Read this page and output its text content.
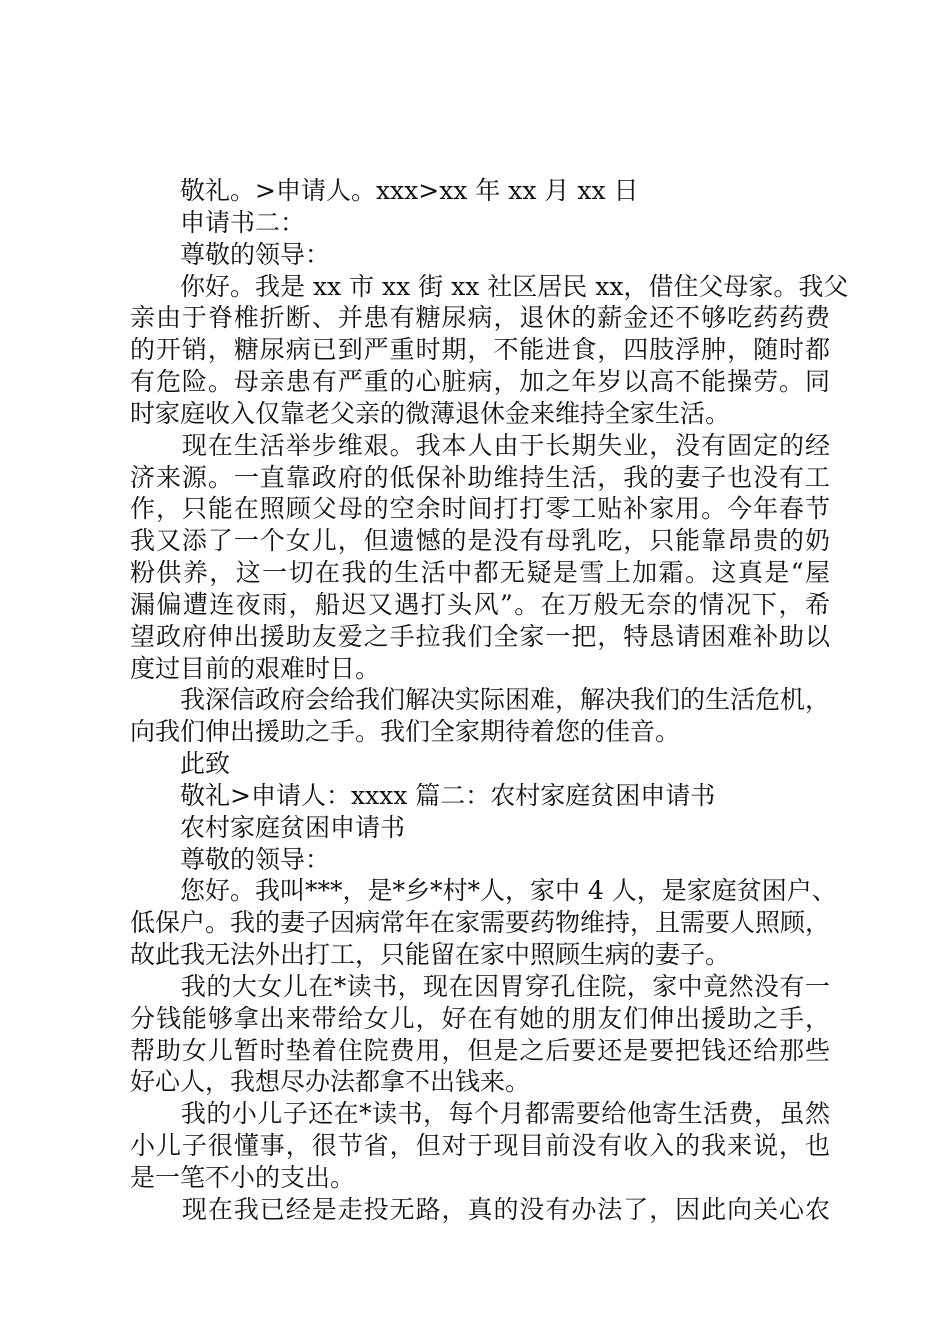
　　敬礼。>申请人。xxx>xx 年 xx 月 xx 日
　　申请书二：
　　尊敬的领导：
　　你好。我是 xx 市 xx 街 xx 社区居民 xx，借住父母家。我父
亲由于脊椎折断、并患有糖尿病，退休的薪金还不够吃药药费
的开销，糖尿病已到严重时期，不能进食，四肢浮肿，随时都
有危险。母亲患有严重的心脏病，加之年岁以高不能操劳。同
时家庭收入仅靠老父亲的微薄退休金来维持全家生活。
　　现在生活举步维艰。我本人由于长期失业，没有固定的经
济来源。一直靠政府的低保补助维持生活，我的妻子也没有工
作，只能在照顾父母的空余时间打打零工贴补家用。今年春节
我又添了一个女儿，但遗憾的是没有母乳吃，只能靠昂贵的奶
粉供养，这一切在我的生活中都无疑是雪上加霜。这真是“屋
漏偏遭连夜雨，船迟又遇打头风”。在万般无奈的情况下，希
望政府伸出援助友爱之手拉我们全家一把，特恳请困难补助以
度过目前的艰难时日。
　　我深信政府会给我们解决实际困难，解决我们的生活危机，
向我们伸出援助之手。我们全家期待着您的佳音。
　　此致
　　敬礼>申请人：xxxx 篇二：农村家庭贫困申请书
　　农村家庭贫困申请书
　　尊敬的领导：
　　您好。我叫***，是*乡*村*人，家中 4 人，是家庭贫困户、
低保户。我的妻子因病常年在家需要药物维持，且需要人照顾，
故此我无法外出打工，只能留在家中照顾生病的妻子。
　　我的大女儿在*读书，现在因胃穿孔住院，家中竟然没有一
分钱能够拿出来带给女儿，好在有她的朋友们伸出援助之手，
帮助女儿暂时垫着住院费用，但是之后要还是要把钱还给那些
好心人，我想尽办法都拿不出钱来。
　　我的小儿子还在*读书，每个月都需要给他寄生活费，虽然
小儿子很懂事，很节省，但对于现目前没有收入的我来说，也
是一笔不小的支出。
　　现在我已经是走投无路，真的没有办法了，因此向关心农
